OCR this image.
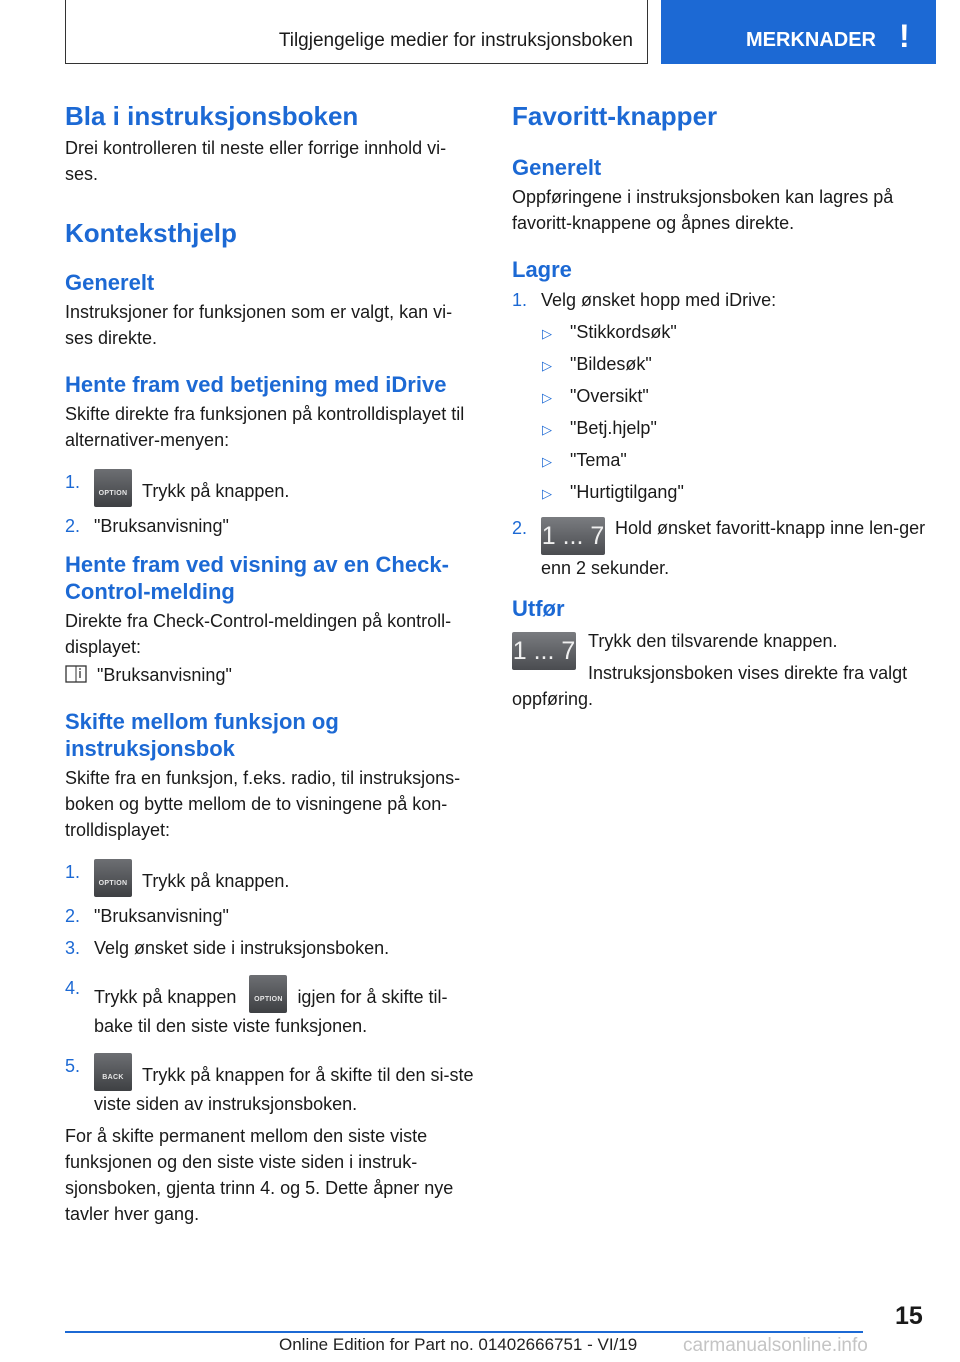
Tilgjengelige medier for instruksjonsboken	MERKNADER !
Bla i instruksjonsboken

Drei kontrolleren til neste eller forrige innhold vi-ses.

Konteksthjelp
Generelt

Instruksjoner for funksjonen som er valgt, kan vi-ses direkte.

Hente fram ved betjening med iDrive

Skifte direkte fra funksjonen på kontrolldisplayet til alternativer-menyen:

1.
OPTION Trykk på knappen.
2. "Bruksanvisning"
Hente fram ved visning av en Check-Control-melding

Direkte fra Check-Control-meldingen på kontroll-displayet:

"Bruksanvisning"

Skifte mellom funksjon og instruksjonsbok

Skifte fra en funksjon, f.eks. radio, til instruksjons-boken og bytte mellom de to visningene på kon-trolldisplayet:

1.
OPTION Trykk på knappen.
2. "Bruksanvisning"
3. Velg ønsket side i instruksjonsboken.
4. Trykk på knappen	OPTION igjen for å skifte til-bake til den siste viste funksjonen.
5.
BACK	Trykk på knappen for å skifte til den si-ste viste siden av instruksjonsboken.

For å skifte permanent mellom den siste viste funksjonen og den siste viste siden i instruk-sjonsboken, gjenta trinn 4. og 5. Dette åpner nye tavler hver gang.

Favoritt-knapper
Generelt

Oppføringene i instruksjonsboken kan lagres på favoritt-knappene og åpnes direkte.

Lagre
1. Velg ønsket hopp med iDrive:
▷ "Stikkordsøk"
▷ "Bildesøk"
▷ "Oversikt"
▷ "Betj.hjelp"
▷ "Tema"
▷ "Hurtigtilgang"
2. 1 ... 7 Hold ønsket favoritt-knapp inne len-ger enn 2 sekunder.
Utfør
1 ... 7 Trykk den tilsvarende knappen.

Instruksjonsboken vises direkte fra valgt oppføring.

15
Online Edition for Part no. 01402666751 - VI/19 carmanualsonline.info
